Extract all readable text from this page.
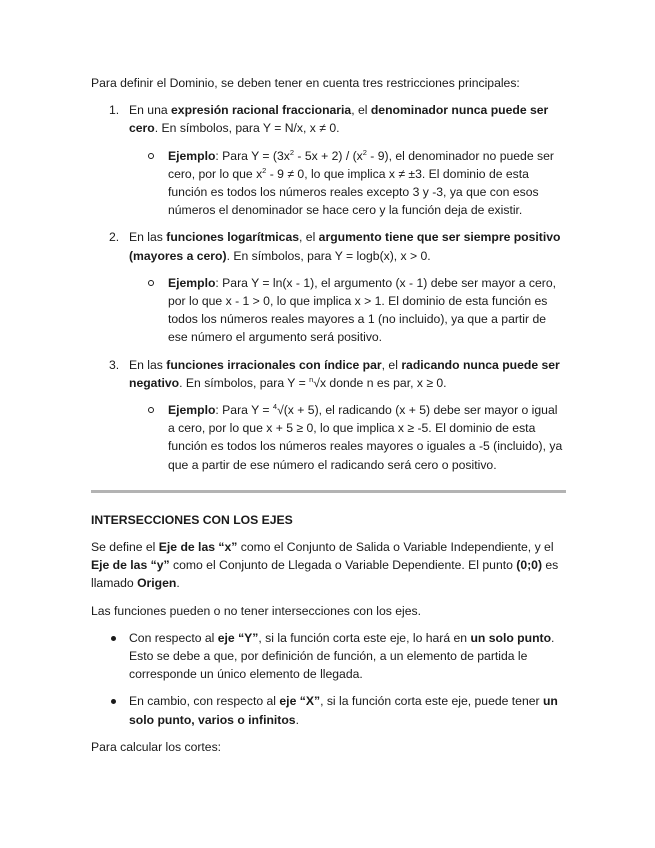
Para definir el Dominio, se deben tener en cuenta tres restricciones principales:

1. En una expresión racional fraccionaria, el denominador nunca puede ser cero. En símbolos, para Y = N/x, x ≠ 0.

Ejemplo: Para $Y = (3x^2 - 5x + 2) / (x^2 - 9)$, el denominador no puede ser cero, por lo que $x^2 - 9 \ne 0$, lo que implica x ≠ ±3. El dominio de esta función es todos los números reales excepto 3 y -3, ya que con esos números el denominador se hace cero y la función deja de existir.

2. En las funciones logarítmicas, el argumento tiene que ser siempre positivo (mayores a cero). En símbolos, para Y = logb(x), x > 0.

Ejemplo: Para Y = ln(x - 1), el argumento (x - 1) debe ser mayor a cero, por lo que x - 1 > 0, lo que implica x > 1. El dominio de esta función es todos los números reales mayores a 1 (no incluido), ya que a partir de ese número el argumento será positivo.

3. En las funciones irracionales con índice par, el radicando nunca puede ser negativo. En símbolos, para Y = $^n$√x donde n es par, x ≥ 0.

Ejemplo: Para Y = $^4$√(x + 5), el radicando (x + 5) debe ser mayor o igual a cero, por lo que x + 5 ≥ 0, lo que implica x ≥ -5. El dominio de esta función es todos los números reales mayores o iguales a -5 (incluido), ya que a partir de ese número el radicando será cero o positivo.

INTERSECCIONES CON LOS EJES

Se define el Eje de las “x” como el Conjunto de Salida o Variable Independiente, y el Eje de las “y” como el Conjunto de Llegada o Variable Dependiente. El punto (0;0) es llamado Origen.

Las funciones pueden o no tener intersecciones con los ejes.

Con respecto al eje “Y”, si la función corta este eje, lo hará en un solo punto. Esto se debe a que, por definición de función, a un elemento de partida le corresponde un único elemento de llegada.

En cambio, con respecto al eje “X”, si la función corta este eje, puede tener un solo punto, varios o infinitos.

Para calcular los cortes:
